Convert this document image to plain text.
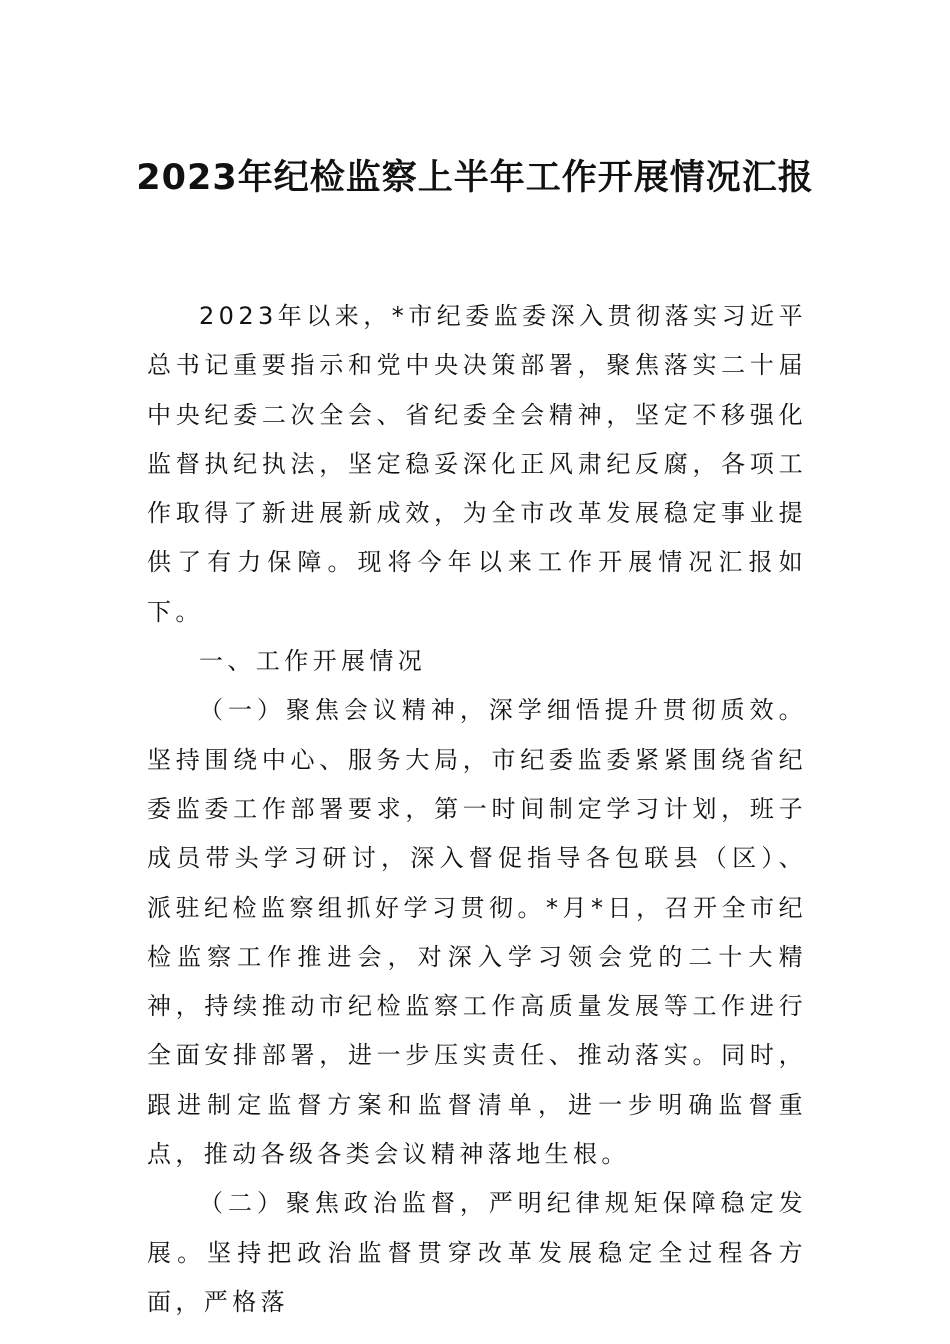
2023年纪检监察上半年工作开展情况汇报

2023年以来，*市纪委监委深入贯彻落实习近平总书记重要指示和党中央决策部署，聚焦落实二十届中央纪委二次全会、省纪委全会精神，坚定不移强化监督执纪执法，坚定稳妥深化正风肃纪反腐，各项工作取得了新进展新成效，为全市改革发展稳定事业提供了有力保障。现将今年以来工作开展情况汇报如下。

一、工作开展情况

（一）聚焦会议精神，深学细悟提升贯彻质效。坚持围绕中心、服务大局，市纪委监委紧紧围绕省纪委监委工作部署要求，第一时间制定学习计划，班子成员带头学习研讨，深入督促指导各包联县（区）、派驻纪检监察组抓好学习贯彻。*月*日，召开全市纪检监察工作推进会，对深入学习领会党的二十大精神，持续推动市纪检监察工作高质量发展等工作进行全面安排部署，进一步压实责任、推动落实。同时，跟进制定监督方案和监督清单，进一步明确监督重点，推动各级各类会议精神落地生根。

（二）聚焦政治监督，严明纪律规矩保障稳定发展。坚持把政治监督贯穿改革发展稳定全过程各方面，严格落
